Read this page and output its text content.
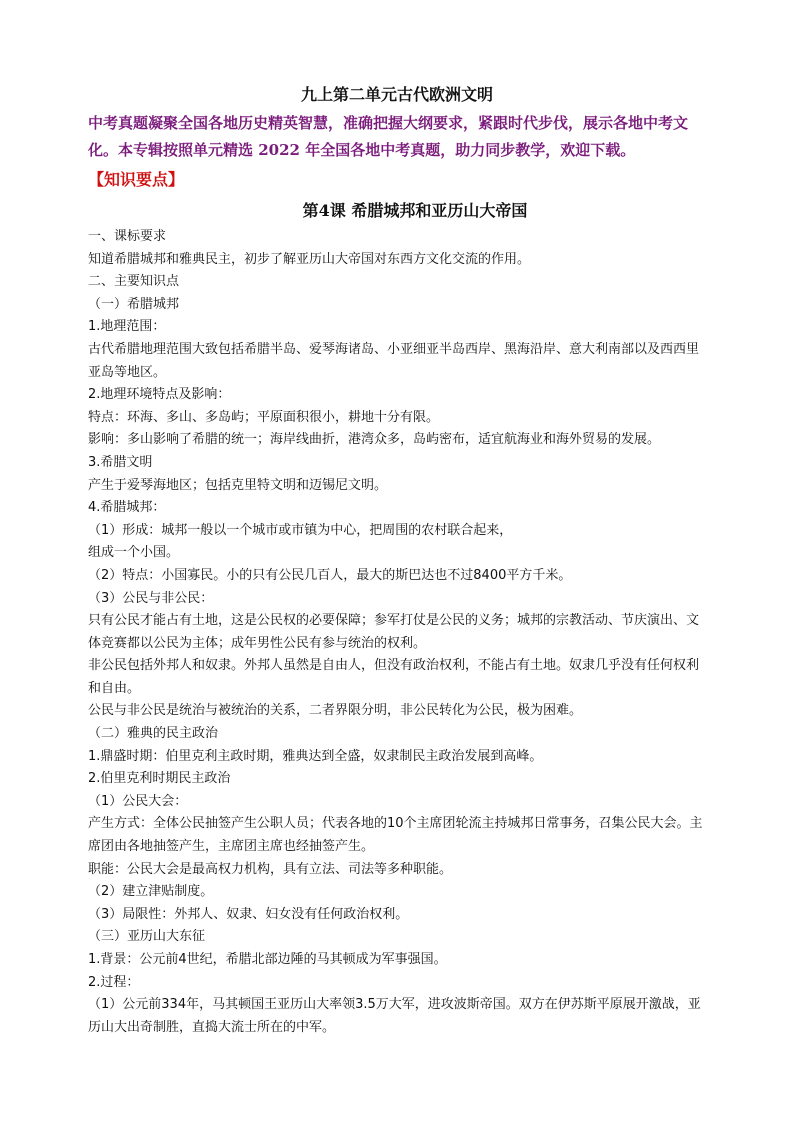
九上第二单元古代欧洲文明

中考真题凝聚全国各地历史精英智慧，准确把握大纲要求，紧跟时代步伐，展示各地中考文化。本专辑按照单元精选 2022 年全国各地中考真题，助力同步教学，欢迎下载。

【知识要点】

第4课 希腊城邦和亚历山大帝国

一、课标要求

知道希腊城邦和雅典民主，初步了解亚历山大帝国对东西方文化交流的作用。

二、主要知识点

（一）希腊城邦

1.地理范围：

古代希腊地理范围大致包括希腊半岛、爱琴海诸岛、小亚细亚半岛西岸、黑海沿岸、意大利南部以及西西里亚岛等地区。

2.地理环境特点及影响：

特点：环海、多山、多岛屿；平原面积很小，耕地十分有限。

影响：多山影响了希腊的统一；海岸线曲折，港湾众多，岛屿密布，适宜航海业和海外贸易的发展。

3.希腊文明

产生于爱琴海地区；包括克里特文明和迈锡尼文明。

4.希腊城邦：

（1）形成：城邦一般以一个城市或市镇为中心，把周围的农村联合起来，

组成一个小国。

（2）特点：小国寡民。小的只有公民几百人，最大的斯巴达也不过8400平方千米。

（3）公民与非公民：

只有公民才能占有土地，这是公民权的必要保障；参军打仗是公民的义务；城邦的宗教活动、节庆演出、文体竞赛都以公民为主体；成年男性公民有参与统治的权利。

非公民包括外邦人和奴隶。外邦人虽然是自由人，但没有政治权利，不能占有土地。奴隶几乎没有任何权利和自由。

公民与非公民是统治与被统治的关系，二者界限分明，非公民转化为公民，极为困难。

（二）雅典的民主政治

1.鼎盛时期：伯里克利主政时期，雅典达到全盛，奴隶制民主政治发展到高峰。

2.伯里克利时期民主政治

（1）公民大会：

产生方式：全体公民抽签产生公职人员；代表各地的10个主席团轮流主持城邦日常事务，召集公民大会。主席团由各地抽签产生，主席团主席也经抽签产生。

职能：公民大会是最高权力机构，具有立法、司法等多种职能。

（2）建立津贴制度。

（3）局限性：外邦人、奴隶、妇女没有任何政治权利。

（三）亚历山大东征

1.背景：公元前4世纪，希腊北部边陲的马其顿成为军事强国。

2.过程：

（1）公元前334年，马其顿国王亚历山大率领3.5万大军，进攻波斯帝国。双方在伊苏斯平原展开激战，亚历山大出奇制胜，直捣大流士所在的中军。
